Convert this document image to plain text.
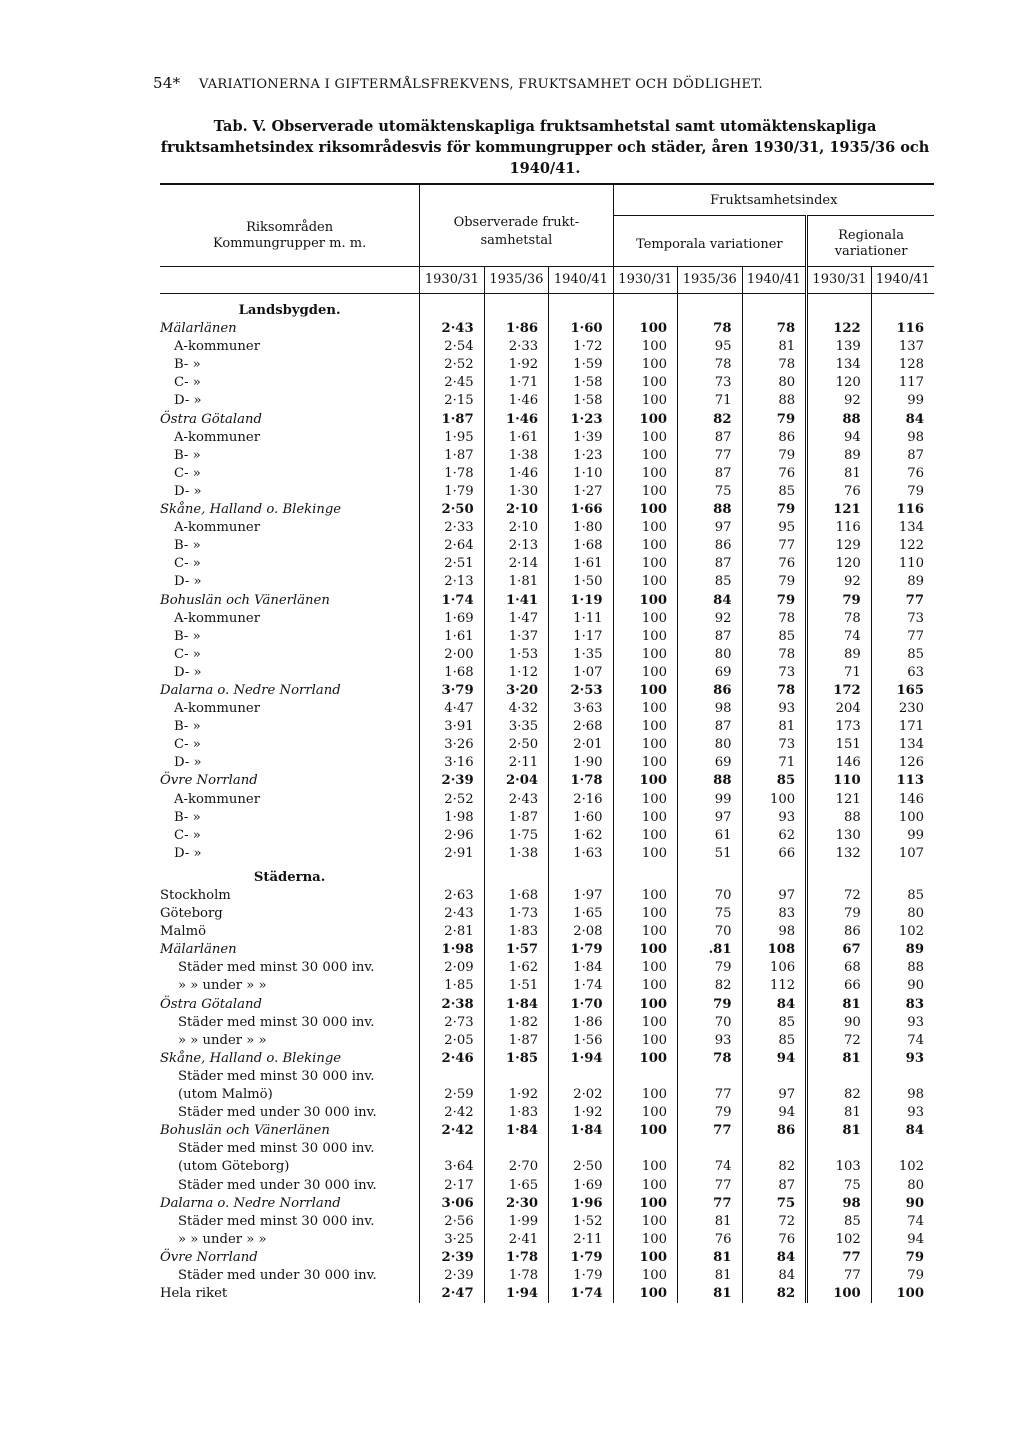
54* VARIATIONERNA I GIFTERMÅLSFREKVENS, FRUKTSAMHET OCH DÖDLIGHET.
Tab. V. Observerade utomäktenskapliga fruktsamhetstal samt utomäktenskapliga fruktsamhetsindex riksområdesvis för kommungrupper och städer, åren 1930/31, 1935/36 och 1940/41.
Riksområden
Kommungrupper m. m.	Observerade frukt-samhetstal			Fruktsamhetsindex				
				Temporala variationer			Regionala variationer	
	1930/31	1935/36	1940/41	1930/31	1935/36	1940/41	1930/31	1940/41
Landsbygden.								
Mälarlänen	2·43	1·86	1·60	100	78	78	122	116
A-kommuner	2·54	2·33	1·72	100	95	81	139	137
B- »	2·52	1·92	1·59	100	78	78	134	128
C- »	2·45	1·71	1·58	100	73	80	120	117
D- »	2·15	1·46	1·58	100	71	88	92	99
Östra Götaland	1·87	1·46	1·23	100	82	79	88	84
A-kommuner	1·95	1·61	1·39	100	87	86	94	98
B- »	1·87	1·38	1·23	100	77	79	89	87
C- »	1·78	1·46	1·10	100	87	76	81	76
D- »	1·79	1·30	1·27	100	75	85	76	79
Skåne, Halland o. Blekinge	2·50	2·10	1·66	100	88	79	121	116
A-kommuner	2·33	2·10	1·80	100	97	95	116	134
B- »	2·64	2·13	1·68	100	86	77	129	122
C- »	2·51	2·14	1·61	100	87	76	120	110
D- »	2·13	1·81	1·50	100	85	79	92	89
Bohuslän och Vänerlänen	1·74	1·41	1·19	100	84	79	79	77
A-kommuner	1·69	1·47	1·11	100	92	78	78	73
B- »	1·61	1·37	1·17	100	87	85	74	77
C- »	2·00	1·53	1·35	100	80	78	89	85
D- »	1·68	1·12	1·07	100	69	73	71	63
Dalarna o. Nedre Norrland	3·79	3·20	2·53	100	86	78	172	165
A-kommuner	4·47	4·32	3·63	100	98	93	204	230
B- »	3·91	3·35	2·68	100	87	81	173	171
C- »	3·26	2·50	2·01	100	80	73	151	134
D- »	3·16	2·11	1·90	100	69	71	146	126
Övre Norrland	2·39	2·04	1·78	100	88	85	110	113
A-kommuner	2·52	2·43	2·16	100	99	100	121	146
B- »	1·98	1·87	1·60	100	97	93	88	100
C- »	2·96	1·75	1·62	100	61	62	130	99
D- »	2·91	1·38	1·63	100	51	66	132	107
Städerna.								
Stockholm	2·63	1·68	1·97	100	70	97	72	85
Göteborg	2·43	1·73	1·65	100	75	83	79	80
Malmö	2·81	1·83	2·08	100	70	98	86	102
Mälarlänen	1·98	1·57	1·79	100	.81	108	67	89
Städer med minst 30 000 inv.	2·09	1·62	1·84	100	79	106	68	88
» » under » »	1·85	1·51	1·74	100	82	112	66	90
Östra Götaland	2·38	1·84	1·70	100	79	84	81	83
Städer med minst 30 000 inv.	2·73	1·82	1·86	100	70	85	90	93
» » under » »	2·05	1·87	1·56	100	93	85	72	74
Skåne, Halland o. Blekinge	2·46	1·85	1·94	100	78	94	81	93
Städer med minst 30 000 inv.								
(utom Malmö)	2·59	1·92	2·02	100	77	97	82	98
Städer med under 30 000 inv.	2·42	1·83	1·92	100	79	94	81	93
Bohuslän och Vänerlänen	2·42	1·84	1·84	100	77	86	81	84
Städer med minst 30 000 inv.								
(utom Göteborg)	3·64	2·70	2·50	100	74	82	103	102
Städer med under 30 000 inv.	2·17	1·65	1·69	100	77	87	75	80
Dalarna o. Nedre Norrland	3·06	2·30	1·96	100	77	75	98	90
Städer med minst 30 000 inv.	2·56	1·99	1·52	100	81	72	85	74
» » under » »	3·25	2·41	2·11	100	76	76	102	94
Övre Norrland	2·39	1·78	1·79	100	81	84	77	79
Städer med under 30 000 inv.	2·39	1·78	1·79	100	81	84	77	79
Hela riket	2·47	1·94	1·74	100	81	82	100	100
